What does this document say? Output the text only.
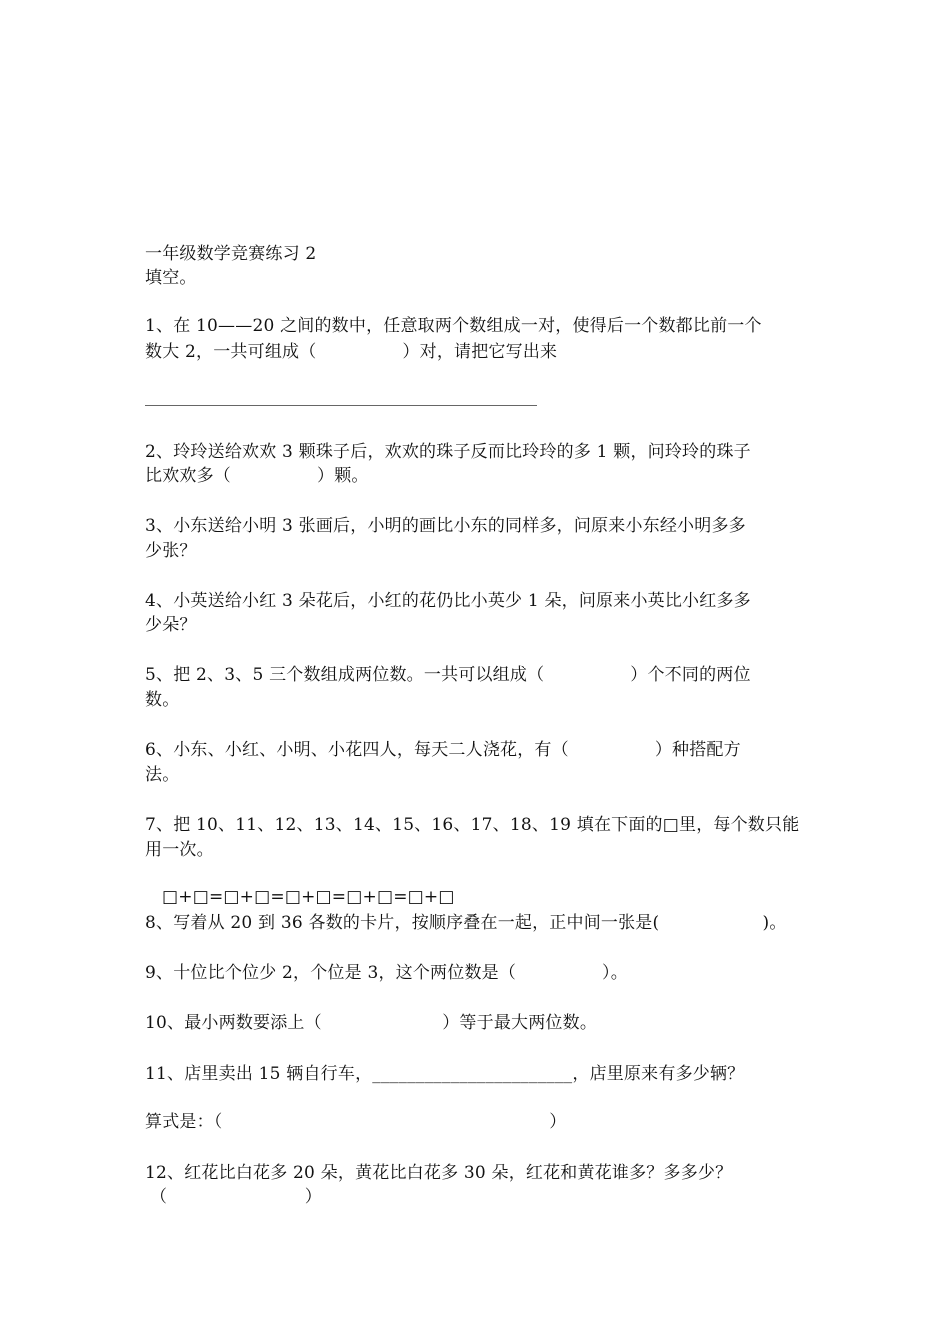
一年级数学竞赛练习 2
填空。
1、在 10——20 之间的数中，任意取两个数组成一对，使得后一个数都比前一个
数大 2，一共可组成（　　　　　）对，请把它写出来
2、玲玲送给欢欢 3 颗珠子后，欢欢的珠子反而比玲玲的多 1 颗，问玲玲的珠子
比欢欢多（　　　　　）颗。
3、小东送给小明 3 张画后，小明的画比小东的同样多，问原来小东经小明多多
少张？
4、小英送给小红 3 朵花后，小红的花仍比小英少 1 朵，问原来小英比小红多多
少朵？
5、把 2、3、5 三个数组成两位数。一共可以组成（　　　　　）个不同的两位
数。
6、小东、小红、小明、小花四人，每天二人浇花，有（　　　　　）种搭配方
法。
7、把 10、11、12、13、14、15、16、17、18、19 填在下面的□里，每个数只能
用一次。
□+□=□+□=□+□=□+□=□+□
8、写着从 20 到 36 各数的卡片，按顺序叠在一起，正中间一张是(　　　　　　)。
9、十位比个位少 2，个位是 3，这个两位数是（　　　　　）。
10、最小两数要添上（　　　　　　　）等于最大两位数。
11、店里卖出 15 辆自行车，_______________________，店里原来有多少辆？
算式是：（　　　　　　　　　　　　　　　　　　　）
12、红花比白花多 20 朵，黄花比白花多 30 朵，红花和黄花谁多？多多少？
（　　　　　　　　）
